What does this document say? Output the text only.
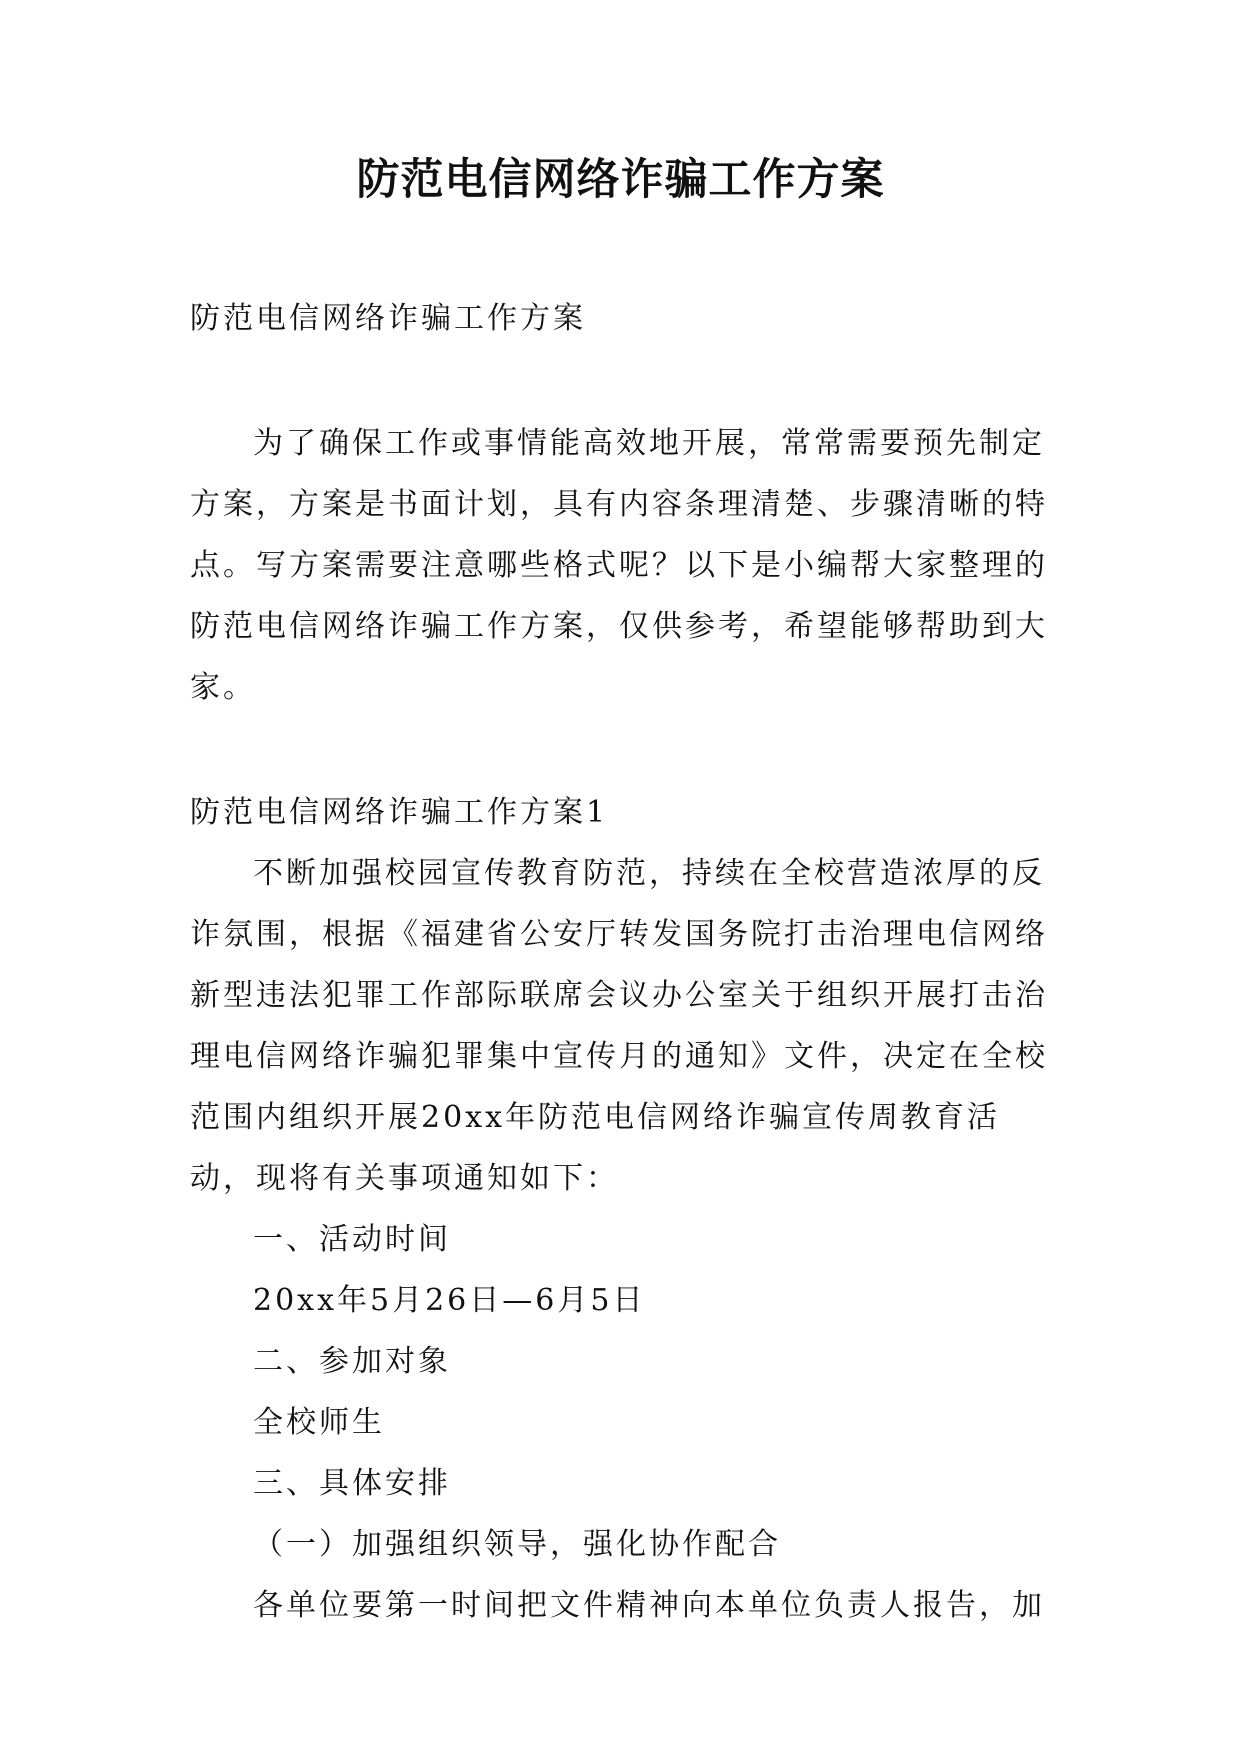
防范电信网络诈骗工作方案

防范电信网络诈骗工作方案

为了确保工作或事情能高效地开展，常常需要预先制定方案，方案是书面计划，具有内容条理清楚、步骤清晰的特点。写方案需要注意哪些格式呢？以下是小编帮大家整理的防范电信网络诈骗工作方案，仅供参考，希望能够帮助到大家。

防范电信网络诈骗工作方案1

不断加强校园宣传教育防范，持续在全校营造浓厚的反诈氛围，根据《福建省公安厅转发国务院打击治理电信网络新型违法犯罪工作部际联席会议办公室关于组织开展打击治理电信网络诈骗犯罪集中宣传月的通知》文件，决定在全校范围内组织开展20xx年防范电信网络诈骗宣传周教育活动，现将有关事项通知如下：

一、活动时间

20xx年5月26日—6月5日

二、参加对象

全校师生

三、具体安排

（一）加强组织领导，强化协作配合

各单位要第一时间把文件精神向本单位负责人报告，加
